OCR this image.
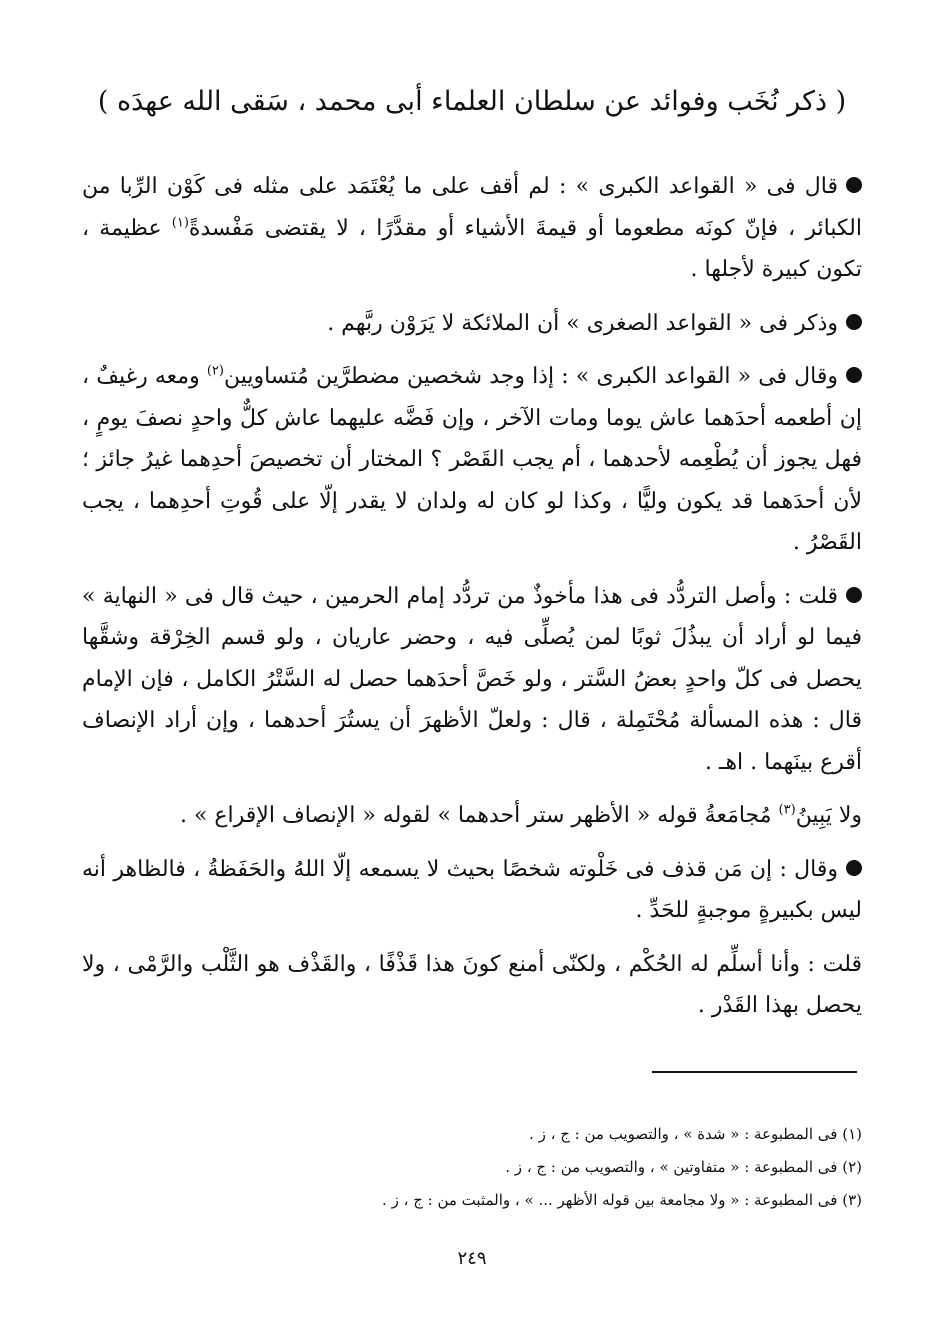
( ذكر نُخَب وفوائد عن سلطان العلماء أبى محمد ، سَقى الله عهدَه )

قال فى « القواعد الكبرى » : لم أقف على ما يُعْتَمَد على مثله فى كَوْن الرِّبا من الكبائر ، فإنّ كونَه مطعوما أو قيمةَ الأشياء أو مقدَّرًا ، لا يقتضى مَفْسدةً$^{(١)}$ عظيمة ، تكون كبيرة لأجلها .

وذكر فى « القواعد الصغرى » أن الملائكة لا يَرَوْن ربَّهم .

وقال فى « القواعد الكبرى » : إذا وجد شخصين مضطرَّين مُتساويين$^{(٢)}$ ومعه رغيفٌ ، إن أطعمه أحدَهما عاش يوما ومات الآخر ، وإن فَضَّه عليهما عاش كلٌّ واحدٍ نصفَ يومٍ ، فهل يجوز أن يُطْعِمه لأحدهما ، أم يجب القَصْر ؟ المختار أن تخصيصَ أحدِهما غيرُ جائز ؛ لأن أحدَهما قد يكون وليًّا ، وكذا لو كان له ولدان لا يقدر إلّا على قُوتِ أحدِهما ، يجب القَصْرُ .

قلت : وأصل التردُّد فى هذا مأخوذٌ من تردُّد إمام الحرمين ، حيث قال فى « النهاية » فيما لو أراد أن يبذُلَ ثوبًا لمن يُصلِّى فيه ، وحضر عاريان ، ولو قسم الخِرْقة وشقَّها يحصل فى كلّ واحدٍ بعضُ السَّتر ، ولو خَصَّ أحدَهما حصل له السَّتْرُ الكامل ، فإن الإمام قال : هذه المسألة مُحْتَمِلة ، قال : ولعلّ الأظهرَ أن يستُرَ أحدهما ، وإن أراد الإنصاف أقرع بينَهما . اهـ .

ولا يَبِينُ$^{(٣)}$ مُجامَعةُ قوله « الأظهر ستر أحدهما » لقوله « الإنصاف الإقراع » .

وقال : إن مَن قذف فى خَلْوته شخصًا بحيث لا يسمعه إلّا اللهُ والحَفَظةُ ، فالظاهر أنه ليس بكبيرةٍ موجبةٍ للحَدِّ .

قلت : وأنا أسلِّم له الحُكْم ، ولكنّى أمنع كونَ هذا قَذْفًا ، والقَذْف هو الثَّلْب والرَّمْى ، ولا يحصل بهذا القَدْر .

(١) فى المطبوعة : « شدة » ، والتصويب من : ج ، ز .

(٢) فى المطبوعة : « متفاوتين » ، والتصويب من : ج ، ز .

(٣) فى المطبوعة : « ولا مجامعة بين قوله الأظهر ... » ، والمثبت من : ج ، ز .

٢٤٩
